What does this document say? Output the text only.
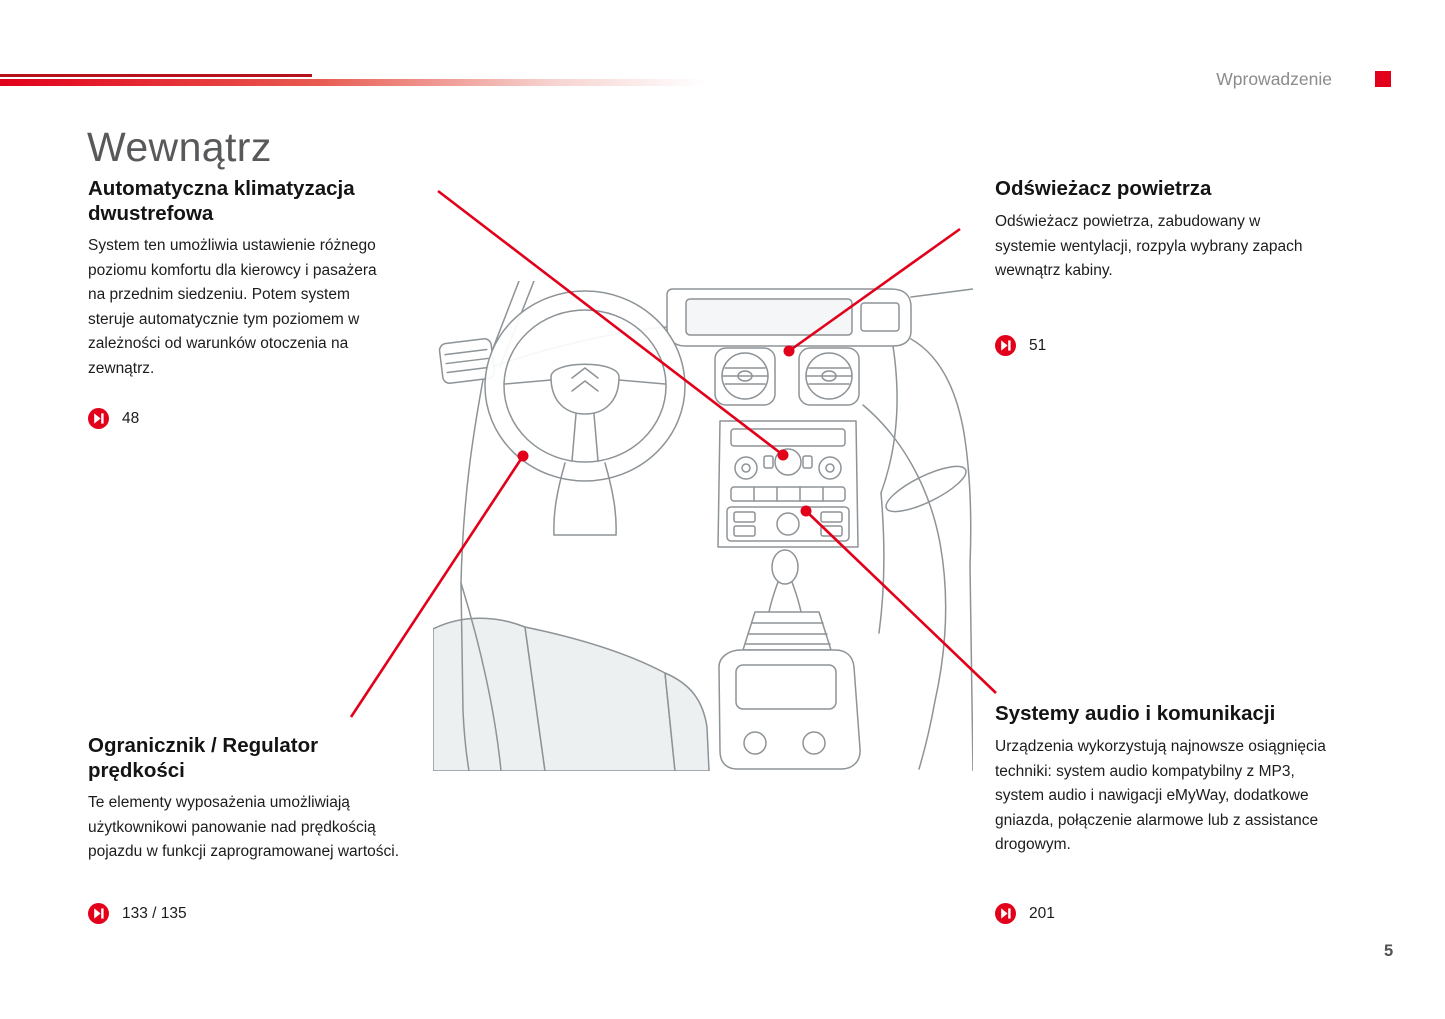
Wprowadzenie
Wewnątrz
Automatyczna klimatyzacja dwustrefowa

System ten umożliwia ustawienie różnego poziomu komfortu dla kierowcy i pasażera na przednim siedzeniu. Potem system steruje automatycznie tym poziomem w zależności od warunków otoczenia na zewnątrz.

48
Odświeżacz powietrza

Odświeżacz powietrza, zabudowany w systemie wentylacji, rozpyla wybrany zapach wewnątrz kabiny.

51
Ogranicznik / Regulator prędkości

Te elementy wyposażenia umożliwiają użytkownikowi panowanie nad prędkością pojazdu w funkcji zaprogramowanej wartości.

133 / 135
Systemy audio i komunikacji

Urządzenia wykorzystują najnowsze osiągnięcia techniki: system audio kompatybilny z MP3, system audio i nawigacji eMyWay, dodatkowe gniazda, połączenie alarmowe lub z assistance drogowym.

201
5
